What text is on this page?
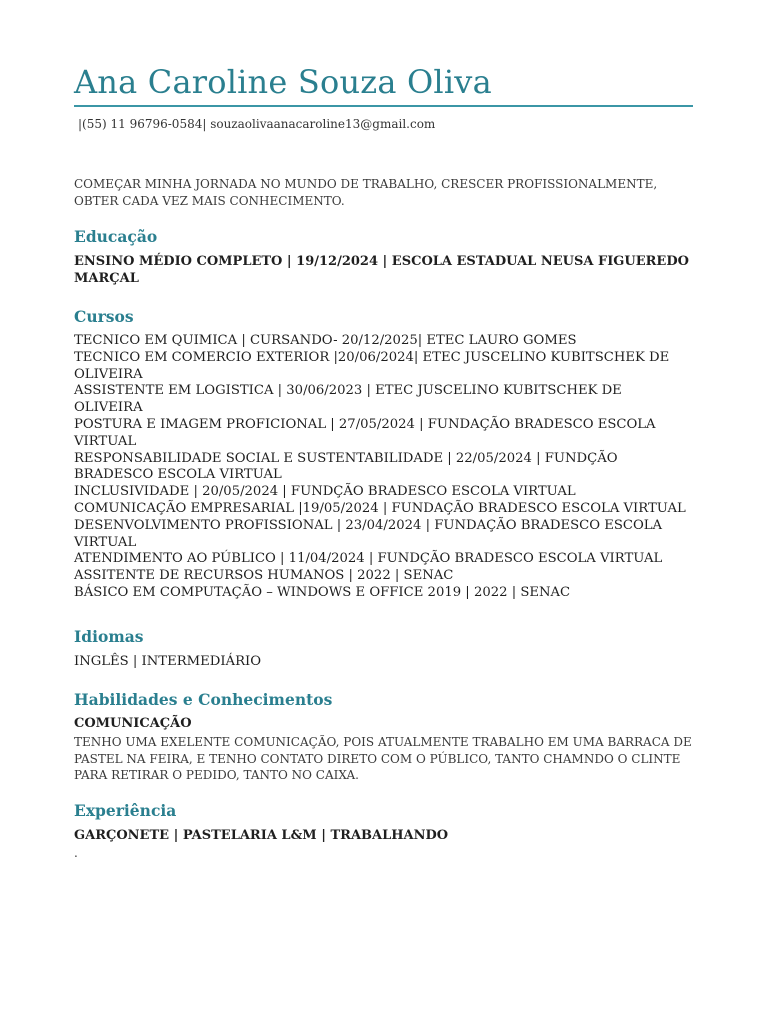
Ana Caroline Souza Oliva
|(55) 11 96796-0584| souzaolivaanacaroline13@gmail.com
COMEÇAR MINHA JORNADA NO MUNDO DE TRABALHO, CRESCER PROFISSIONALMENTE, OBTER CADA VEZ MAIS CONHECIMENTO.
Educação
ENSINO MÉDIO COMPLETO | 19/12/2024 | ESCOLA ESTADUAL NEUSA FIGUEREDO MARÇAL
Cursos
TECNICO EM QUIMICA | CURSANDO- 20/12/2025| ETEC LAURO GOMES
TECNICO EM COMERCIO EXTERIOR |20/06/2024| ETEC JUSCELINO KUBITSCHEK DE OLIVEIRA
ASSISTENTE EM LOGISTICA | 30/06/2023 | ETEC JUSCELINO KUBITSCHEK DE OLIVEIRA
POSTURA E IMAGEM PROFICIONAL | 27/05/2024 | FUNDAÇÃO BRADESCO ESCOLA VIRTUAL
RESPONSABILIDADE SOCIAL E SUSTENTABILIDADE | 22/05/2024 | FUNDÇÃO BRADESCO ESCOLA VIRTUAL
INCLUSIVIDADE | 20/05/2024 | FUNDÇÃO BRADESCO ESCOLA VIRTUAL
COMUNICAÇÃO EMPRESARIAL |19/05/2024 | FUNDAÇÃO BRADESCO ESCOLA VIRTUAL
DESENVOLVIMENTO PROFISSIONAL | 23/04/2024 | FUNDAÇÃO BRADESCO ESCOLA VIRTUAL
ATENDIMENTO AO PÚBLICO | 11/04/2024 | FUNDÇÃO BRADESCO ESCOLA VIRTUAL
ASSITENTE DE RECURSOS HUMANOS | 2022 | SENAC
BÁSICO EM COMPUTAÇÃO – WINDOWS E OFFICE 2019 | 2022 | SENAC
Idiomas
INGLÊS | INTERMEDIÁRIO
Habilidades e Conhecimentos
COMUNICAÇÃO
TENHO UMA EXELENTE COMUNICAÇÃO, POIS ATUALMENTE TRABALHO EM UMA BARRACA DE PASTEL NA FEIRA, E TENHO CONTATO DIRETO COM O PÚBLICO, TANTO CHAMNDO O CLINTE PARA RETIRAR O PEDIDO, TANTO NO CAIXA.
Experiência
GARÇONETE | PASTELARIA L&M | TRABALHANDO
.
